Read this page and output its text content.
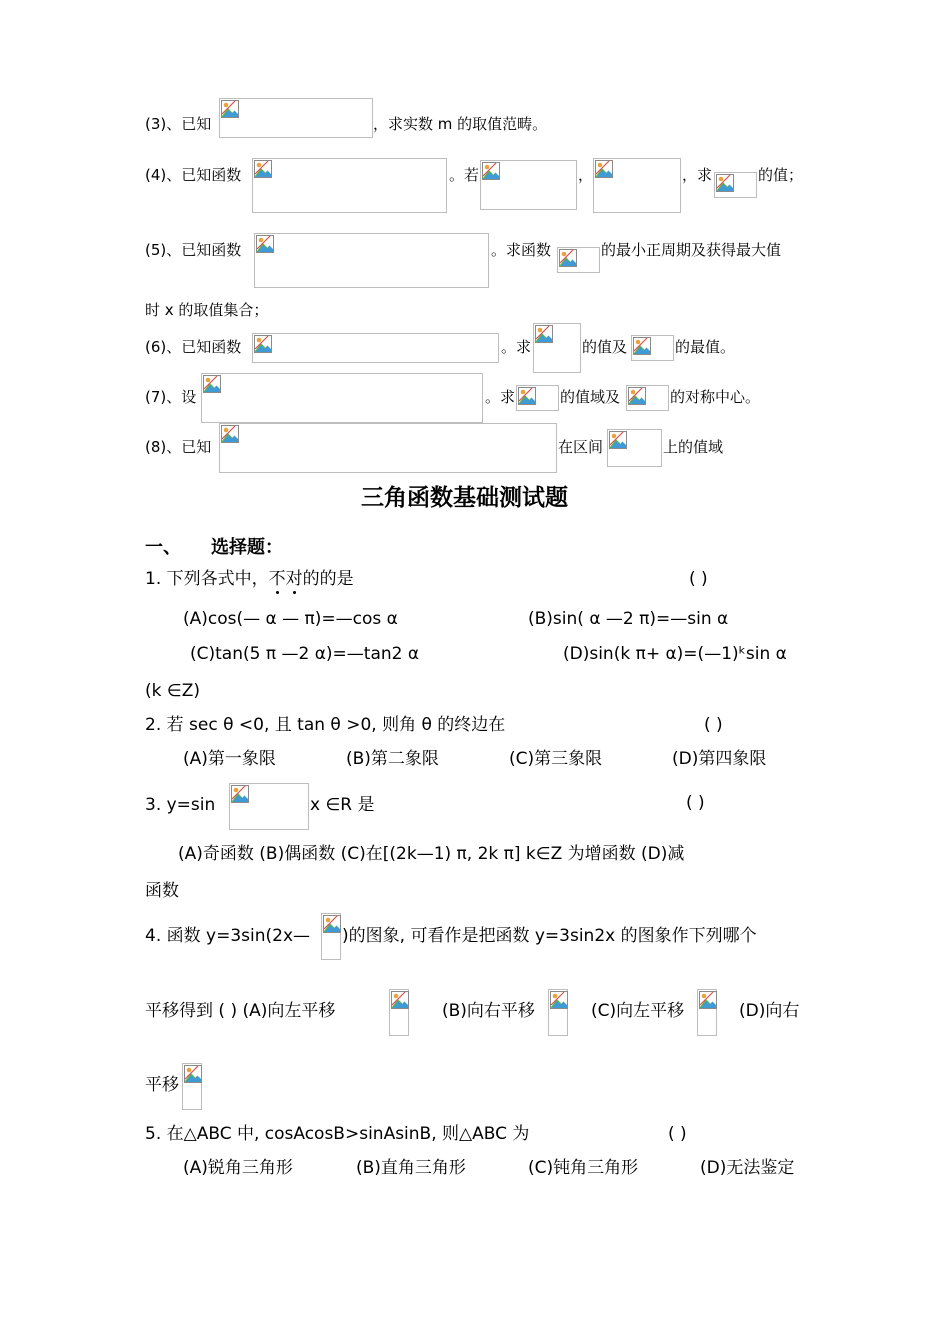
(3)、已知	，求实数 m 的取值范畴。
(4)、已知函数	。若	，	，求	的值；
(5)、已知函数	。求函数	的最小正周期及获得最大值
时 x 的取值集合；
(6)、已知函数	。求	的值及	的最值。
(7)、设	。求	的值域及	的对称中心。
(8)、已知	在区间	上的值域
三角函数基础测试题
一、 选择题：
1. 下列各式中，不对的的是	( )
(A)cos(— α — π)=—cos α	(B)sin( α —2 π)=—sin α
(C)tan(5 π —2 α)=—tan2 α	(D)sin(k π+ α)=(—1)ᵏsin α
(k ∈Z)
2. 若 sec θ <0, 且 tan θ >0, 则角 θ 的终边在	( )
(A)第一象限	(B)第二象限	(C)第三象限	(D)第四象限
3. y=sin	x ∈R 是	( )
(A)奇函数 (B)偶函数 (C)在[(2k—1) π, 2k π] k∈Z 为增函数 (D)减
函数
4. 函数 y=3sin(2x— )的图象, 可看作是把函数 y=3sin2x 的图象作下列哪个
平移得到 ( ) (A)向左平移	(B)向右平移	(C)向左平移	(D)向右
平移
5. 在△ABC 中, cosAcosB>sinAsinB, 则△ABC 为	( )
(A)锐角三角形	(B)直角三角形	(C)钝角三角形	(D)无法鉴定
